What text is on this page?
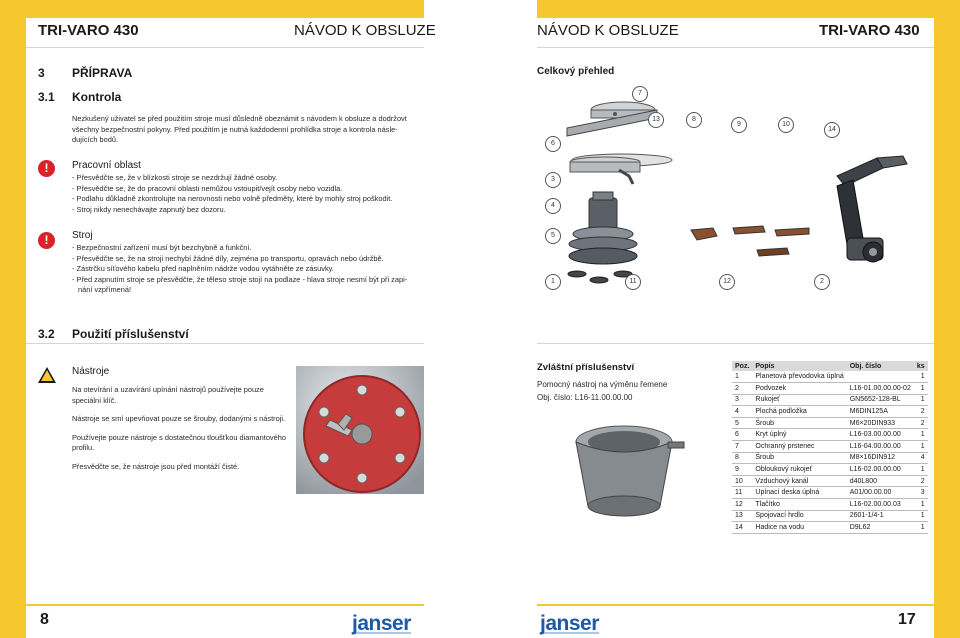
TRI-VARO 430	NÁVOD K OBSLUZE	NÁVOD K OBSLUZE	TRI-VARO 430
3 PŘÍPRAVA
3.1 Kontrola

Nezkušený uživatel se před použitím stroje musí důsledně obeznámit s návodem k obsluze a dodržovt

všechny bezpečnostní pokyny. Před použitím je nutná každodenní prohlídka stroje a kontrola násle-

dujících bodů.

!	Pracovní oblast

- Přesvědčte se, že v blízkosti stroje se nezdržují žádné osoby.

- Přesvědčte se, že do pracovní oblasti nemůžou vstoupit/vejít osoby nebo vozidla.

- Podlahu důkladně zkontrolujte na nerovnosti nebo volně předměty, které by mohly stroj poškodit.

- Stroj nikdy nenechávajte zapnutý bez dozoru.

!	Stroj

- Bezpečnostní zařízení musí být bezchybně a funkční.

- Přesvědčte se, že na stroji nechybí žádné díly, zejména po transportu, opravách nebo údržbě.

- Zástrčku síťového kabelu před naplněním nádrže vodou vytáhněte ze zásuvky.

- Před zapnutím stroje se přesvědčte, že těleso stroje stojí na podlaze - hlava stroje nesmí být při zapi-

nání vzpřímená!

3.2 Použití příslušenství
Nástroje

Na otevírání a uzavírání upínání nástrojů používejte pouze speciální klíč.

Nástroje se smí upevňovat pouze se šrouby, dodanými s nástroji.

Používejte pouze nástroje s dostatečnou tloušťkou diamantového profilu.

Přesvědčte se, že nástroje jsou před montáží čisté.

8	janser
Celkový přehled
7
13	8
9	10
14
6
3
4
5
1	11	12	2
Zvláštní příslušenství
Pomocný nástroj na výměnu řemene
Obj. číslo: L16-11.00.00.00
Poz.	Popis	Obj. číslo	ks
1	Planetová převodovka úplná		1
2	Podvozek	L16-01.00.00.00-02	1
3	Rukojeť	GN5652-128-BL	1
4	Plochá podložka	M6DIN125A	2
5	Šroub	M6×20DIN933	2
6	Kryt úplný	L16-03.00.00.00	1
7	Ochranný prstenec	L16-04.00.00.00	1
8	Šroub	M8×16DIN912	4
9	Obloukový rukojeť	L16-02.00.00.00	1
10	Vzduchový kanál	d40L800	2
11	Upínací deska úplná	A01/00.00.00	3
12	Tlačítko	L16-02.00.00.03	1
13	Spojovací hrdlo	2601-1/4-1	1
14	Hadice na vodu	D9L62	1
janser	17
